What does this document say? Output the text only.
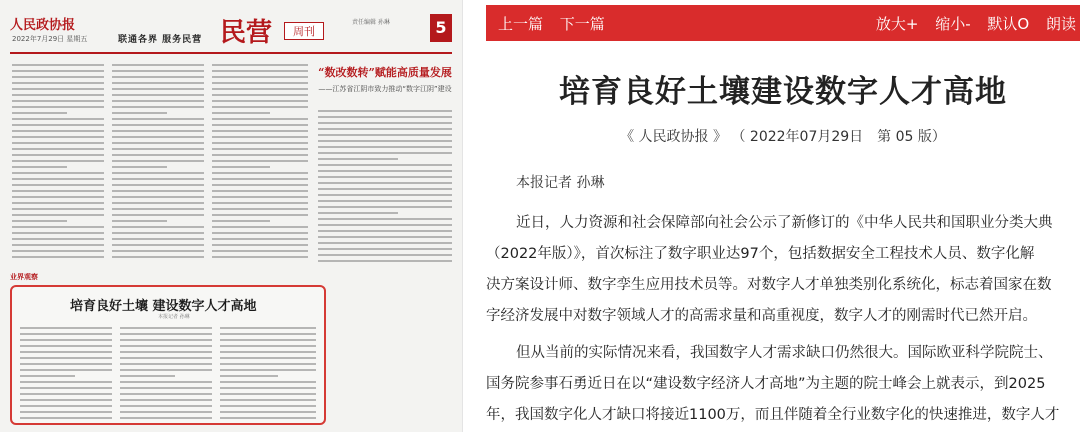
人民政协报
2022年7月29日 星期五	联通各界 服务民营 民营	周刊
责任编辑 孙琳	5
“数改数转”赋能高质量发展
——江苏省江阴市致力推动“数字江阴”建设
业界观察
培育良好土壤 建设数字人才高地
本报记者 孙琳
上一篇 下一篇	放大+ 缩小- 默认O 朗读
培育良好土壤建设数字人才高地
《 人民政协报 》 （ 2022年07月29日　第 05 版）
本报记者 孙琳

近日，人力资源和社会保障部向社会公示了新修订的《中华人民共和国职业分类大典
（2022年版）》，首次标注了数字职业达97个，包括数据安全工程技术人员、数字化解
决方案设计师、数字孪生应用技术员等。对数字人才单独类别化系统化，标志着国家在数
字经济发展中对数字领域人才的高需求量和高重视度，数字人才的刚需时代已然开启。

但从当前的实际情况来看，我国数字人才需求缺口仍然很大。国际欧亚科学院院士、
国务院参事石勇近日在以“建设数字经济人才高地”为主题的院士峰会上就表示，到2025
年，我国数字化人才缺口将接近1100万，而且伴随着全行业数字化的快速推进，数字人才
